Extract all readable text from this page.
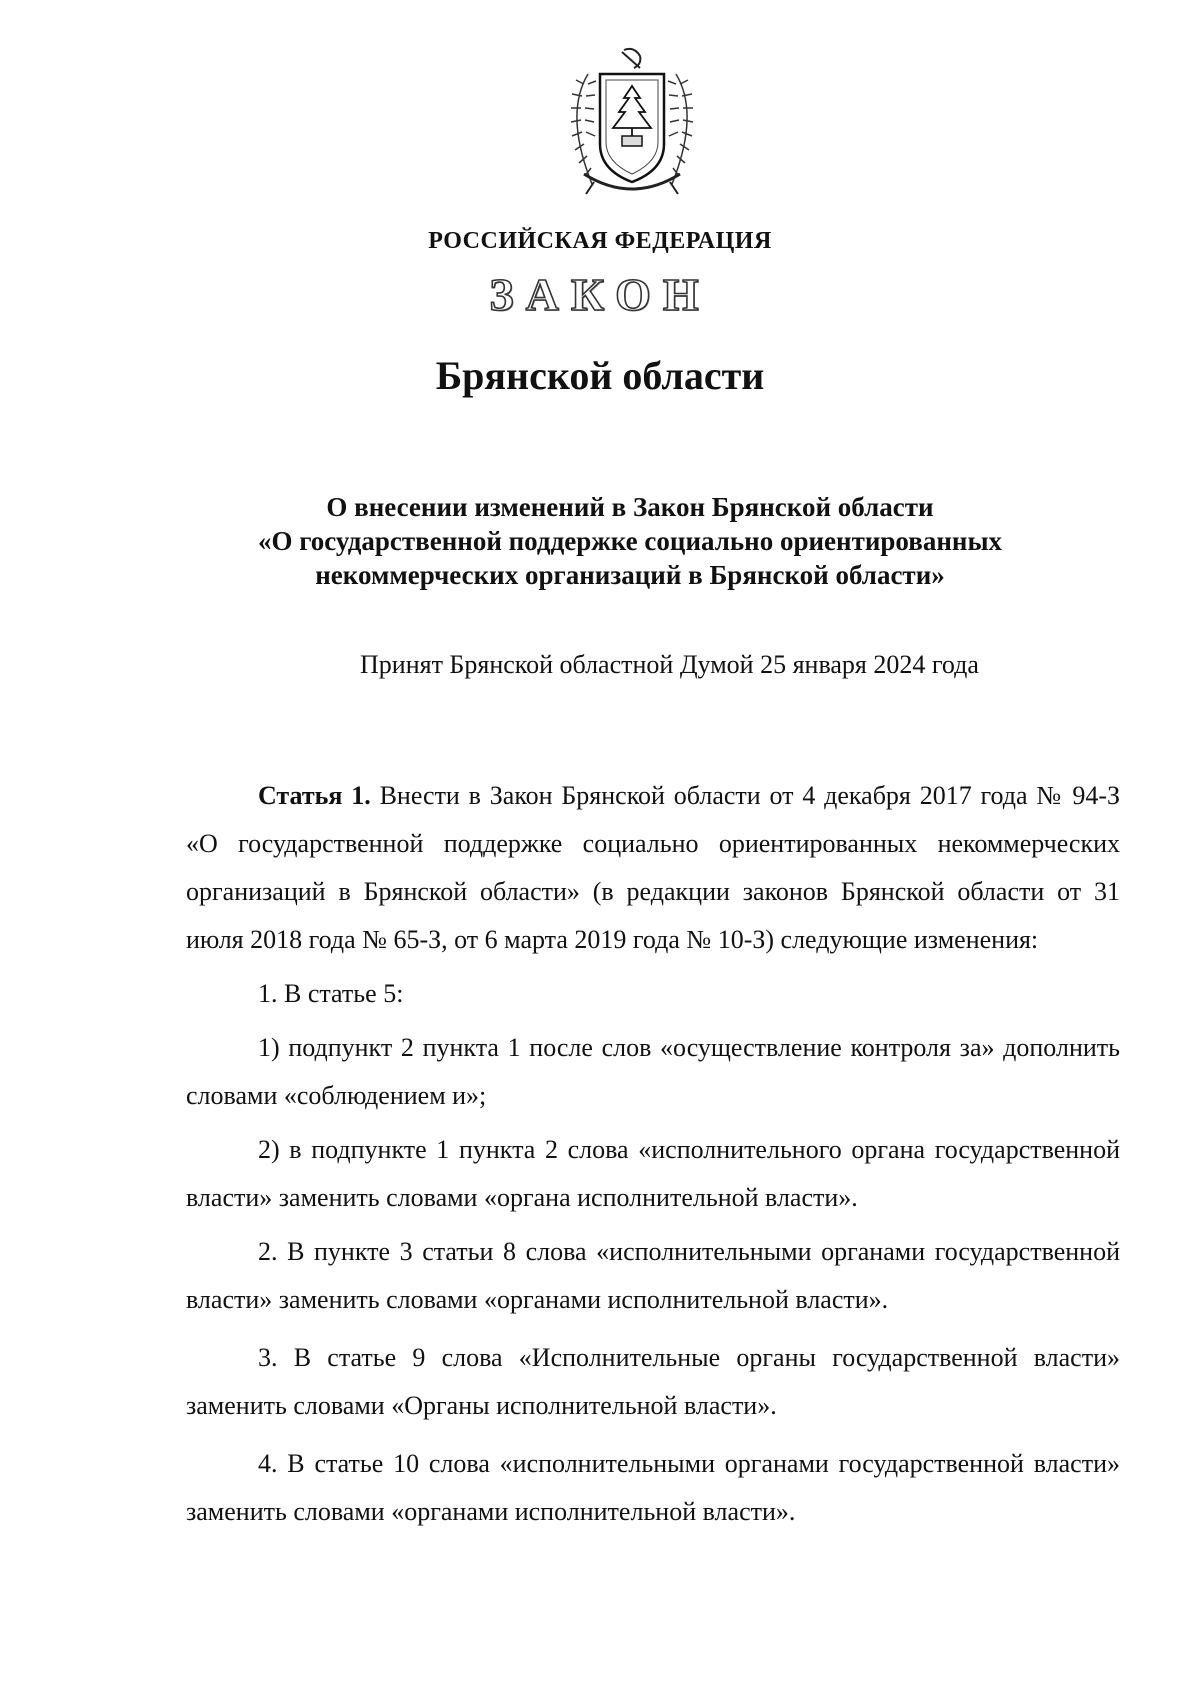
РОССИЙСКАЯ ФЕДЕРАЦИЯ
ЗАКОН
Брянской области
О внесении изменений в Закон Брянской области
«О государственной поддержке социально ориентированных
некоммерческих организаций в Брянской области»
Принят Брянской областной Думой 25 января 2024 года

Статья 1. Внести в Закон Брянской области от 4 декабря 2017 года № 94-З «О государственной поддержке социально ориентированных некоммерческих организаций в Брянской области» (в редакции законов Брянской области от 31 июля 2018 года № 65-З, от 6 марта 2019 года № 10-З) следующие изменения:

1. В статье 5:

1) подпункт 2 пункта 1 после слов «осуществление контроля за» дополнить словами «соблюдением и»;

2) в подпункте 1 пункта 2 слова «исполнительного органа государственной власти» заменить словами «органа исполнительной власти».

2. В пункте 3 статьи 8 слова «исполнительными органами государственной власти» заменить словами «органами исполнительной власти».

3. В статье 9 слова «Исполнительные органы государственной власти» заменить словами «Органы исполнительной власти».

4. В статье 10 слова «исполнительными органами государственной власти» заменить словами «органами исполнительной власти».
